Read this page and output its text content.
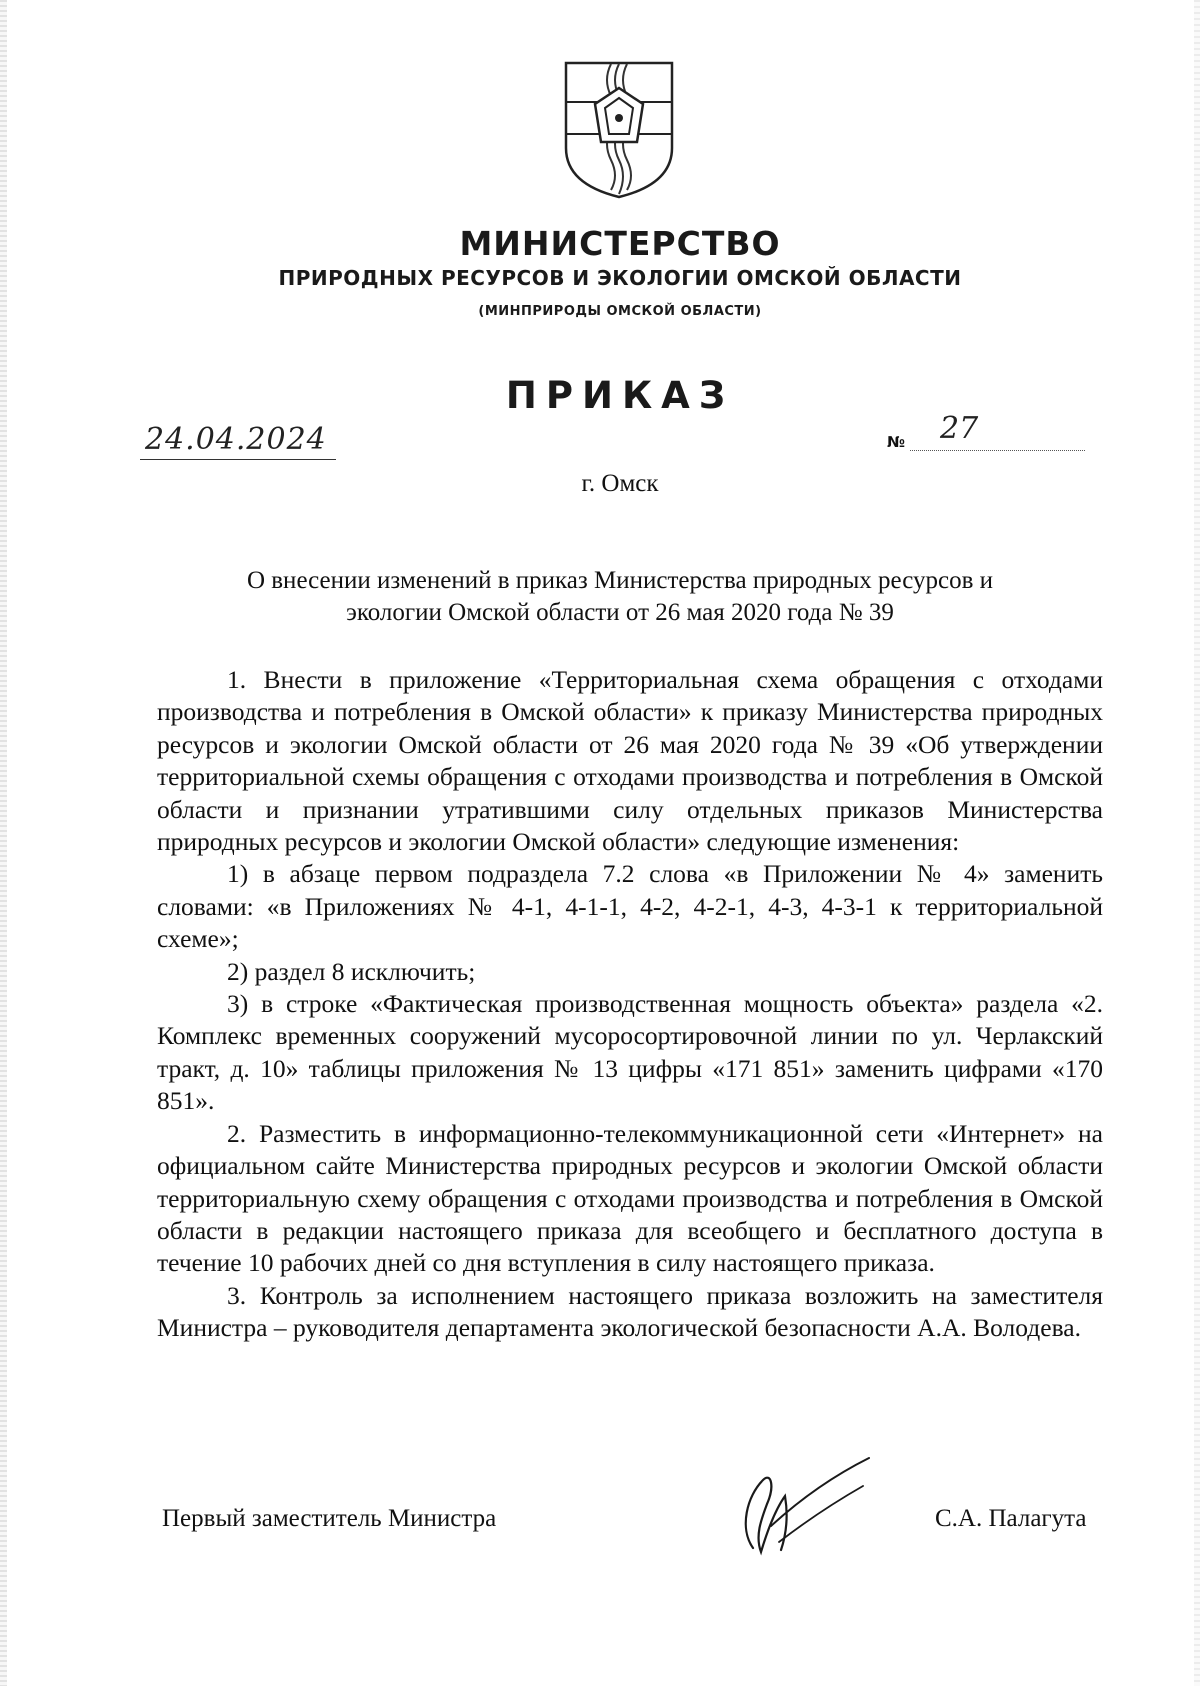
МИНИСТЕРСТВО
ПРИРОДНЫХ РЕСУРСОВ И ЭКОЛОГИИ ОМСКОЙ ОБЛАСТИ
(МИНПРИРОДЫ ОМСКОЙ ОБЛАСТИ)
ПРИКАЗ
24.04.2024	№ 27
г. Омск
О внесении изменений в приказ Министерства природных ресурсов и
экологии Омской области от 26 мая 2020 года № 39

1. Внести в приложение «Территориальная схема обращения с отходами производства и потребления в Омской области» к приказу Министерства природных ресурсов и экологии Омской области от 26 мая 2020 года № 39 «Об утверждении территориальной схемы обращения с отходами производства и потребления в Омской области и признании утратившими силу отдельных приказов Министерства природных ресурсов и экологии Омской области» следующие изменения:

1) в абзаце первом подраздела 7.2 слова «в Приложении № 4» заменить словами: «в Приложениях № 4-1, 4-1-1, 4-2, 4-2-1, 4-3, 4-3-1 к территориальной схеме»;

2) раздел 8 исключить;

3) в строке «Фактическая производственная мощность объекта» раздела «2. Комплекс временных сооружений мусоросортировочной линии по ул. Черлакский тракт, д. 10» таблицы приложения № 13 цифры «171 851» заменить цифрами «170 851».

2. Разместить в информационно-телекоммуникационной сети «Интернет» на официальном сайте Министерства природных ресурсов и экологии Омской области территориальную схему обращения с отходами производства и потребления в Омской области в редакции настоящего приказа для всеобщего и бесплатного доступа в течение 10 рабочих дней со дня вступления в силу настоящего приказа.

3. Контроль за исполнением настоящего приказа возложить на заместителя Министра – руководителя департамента экологической безопасности А.А. Володева.

Первый заместитель Министра	С.А. Палагута
